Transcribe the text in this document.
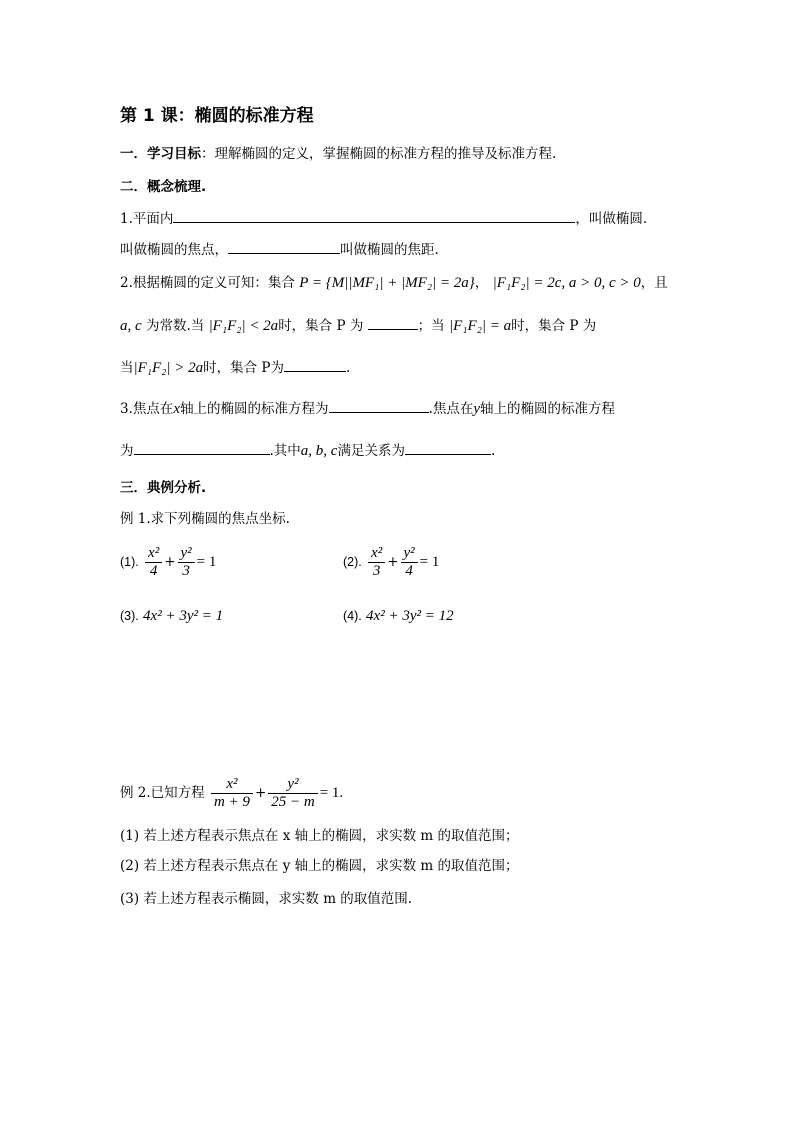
第 1 课：椭圆的标准方程
一．学习目标：理解椭圆的定义，掌握椭圆的标准方程的推导及标准方程.
二．概念梳理.
1.平面内	，叫做椭圆.
叫做椭圆的焦点，	叫做椭圆的焦距.
2.根据椭圆的定义可知：集合 P = {M||MF₁| + |MF₂| = 2a}， |F₁F₂| = 2c, a > 0, c > 0，且
a, c 为常数.当 |F₁F₂| < 2a时，集合 P 为	；当 |F₁F₂| = a时，集合 P 为
当|F₁F₂| > 2a时，集合 P为	.
3.焦点在x轴上的椭圆的标准方程为	.焦点在y轴上的椭圆的标准方程
为	.其中a, b, c满足关系为	.
三．典例分析.
例 1.求下列椭圆的焦点坐标.
(1). $\frac{\text{x²}}{4} + \frac{\text{y²}}{3} = 1$	(2). $\frac{\text{x²}}{3} + \frac{\text{y²}}{4} = 1$
(3). 4x² + 3y² = 1	(4). 4x² + 3y² = 12
例 2.已知方程 $\frac{\text{x²}}{m + 9} + \frac{\text{y²}}{25 - m} = 1$.
(1) 若上述方程表示焦点在 x 轴上的椭圆，求实数 m 的取值范围；
(2) 若上述方程表示焦点在 y 轴上的椭圆，求实数 m 的取值范围；
(3) 若上述方程表示椭圆，求实数 m 的取值范围.
